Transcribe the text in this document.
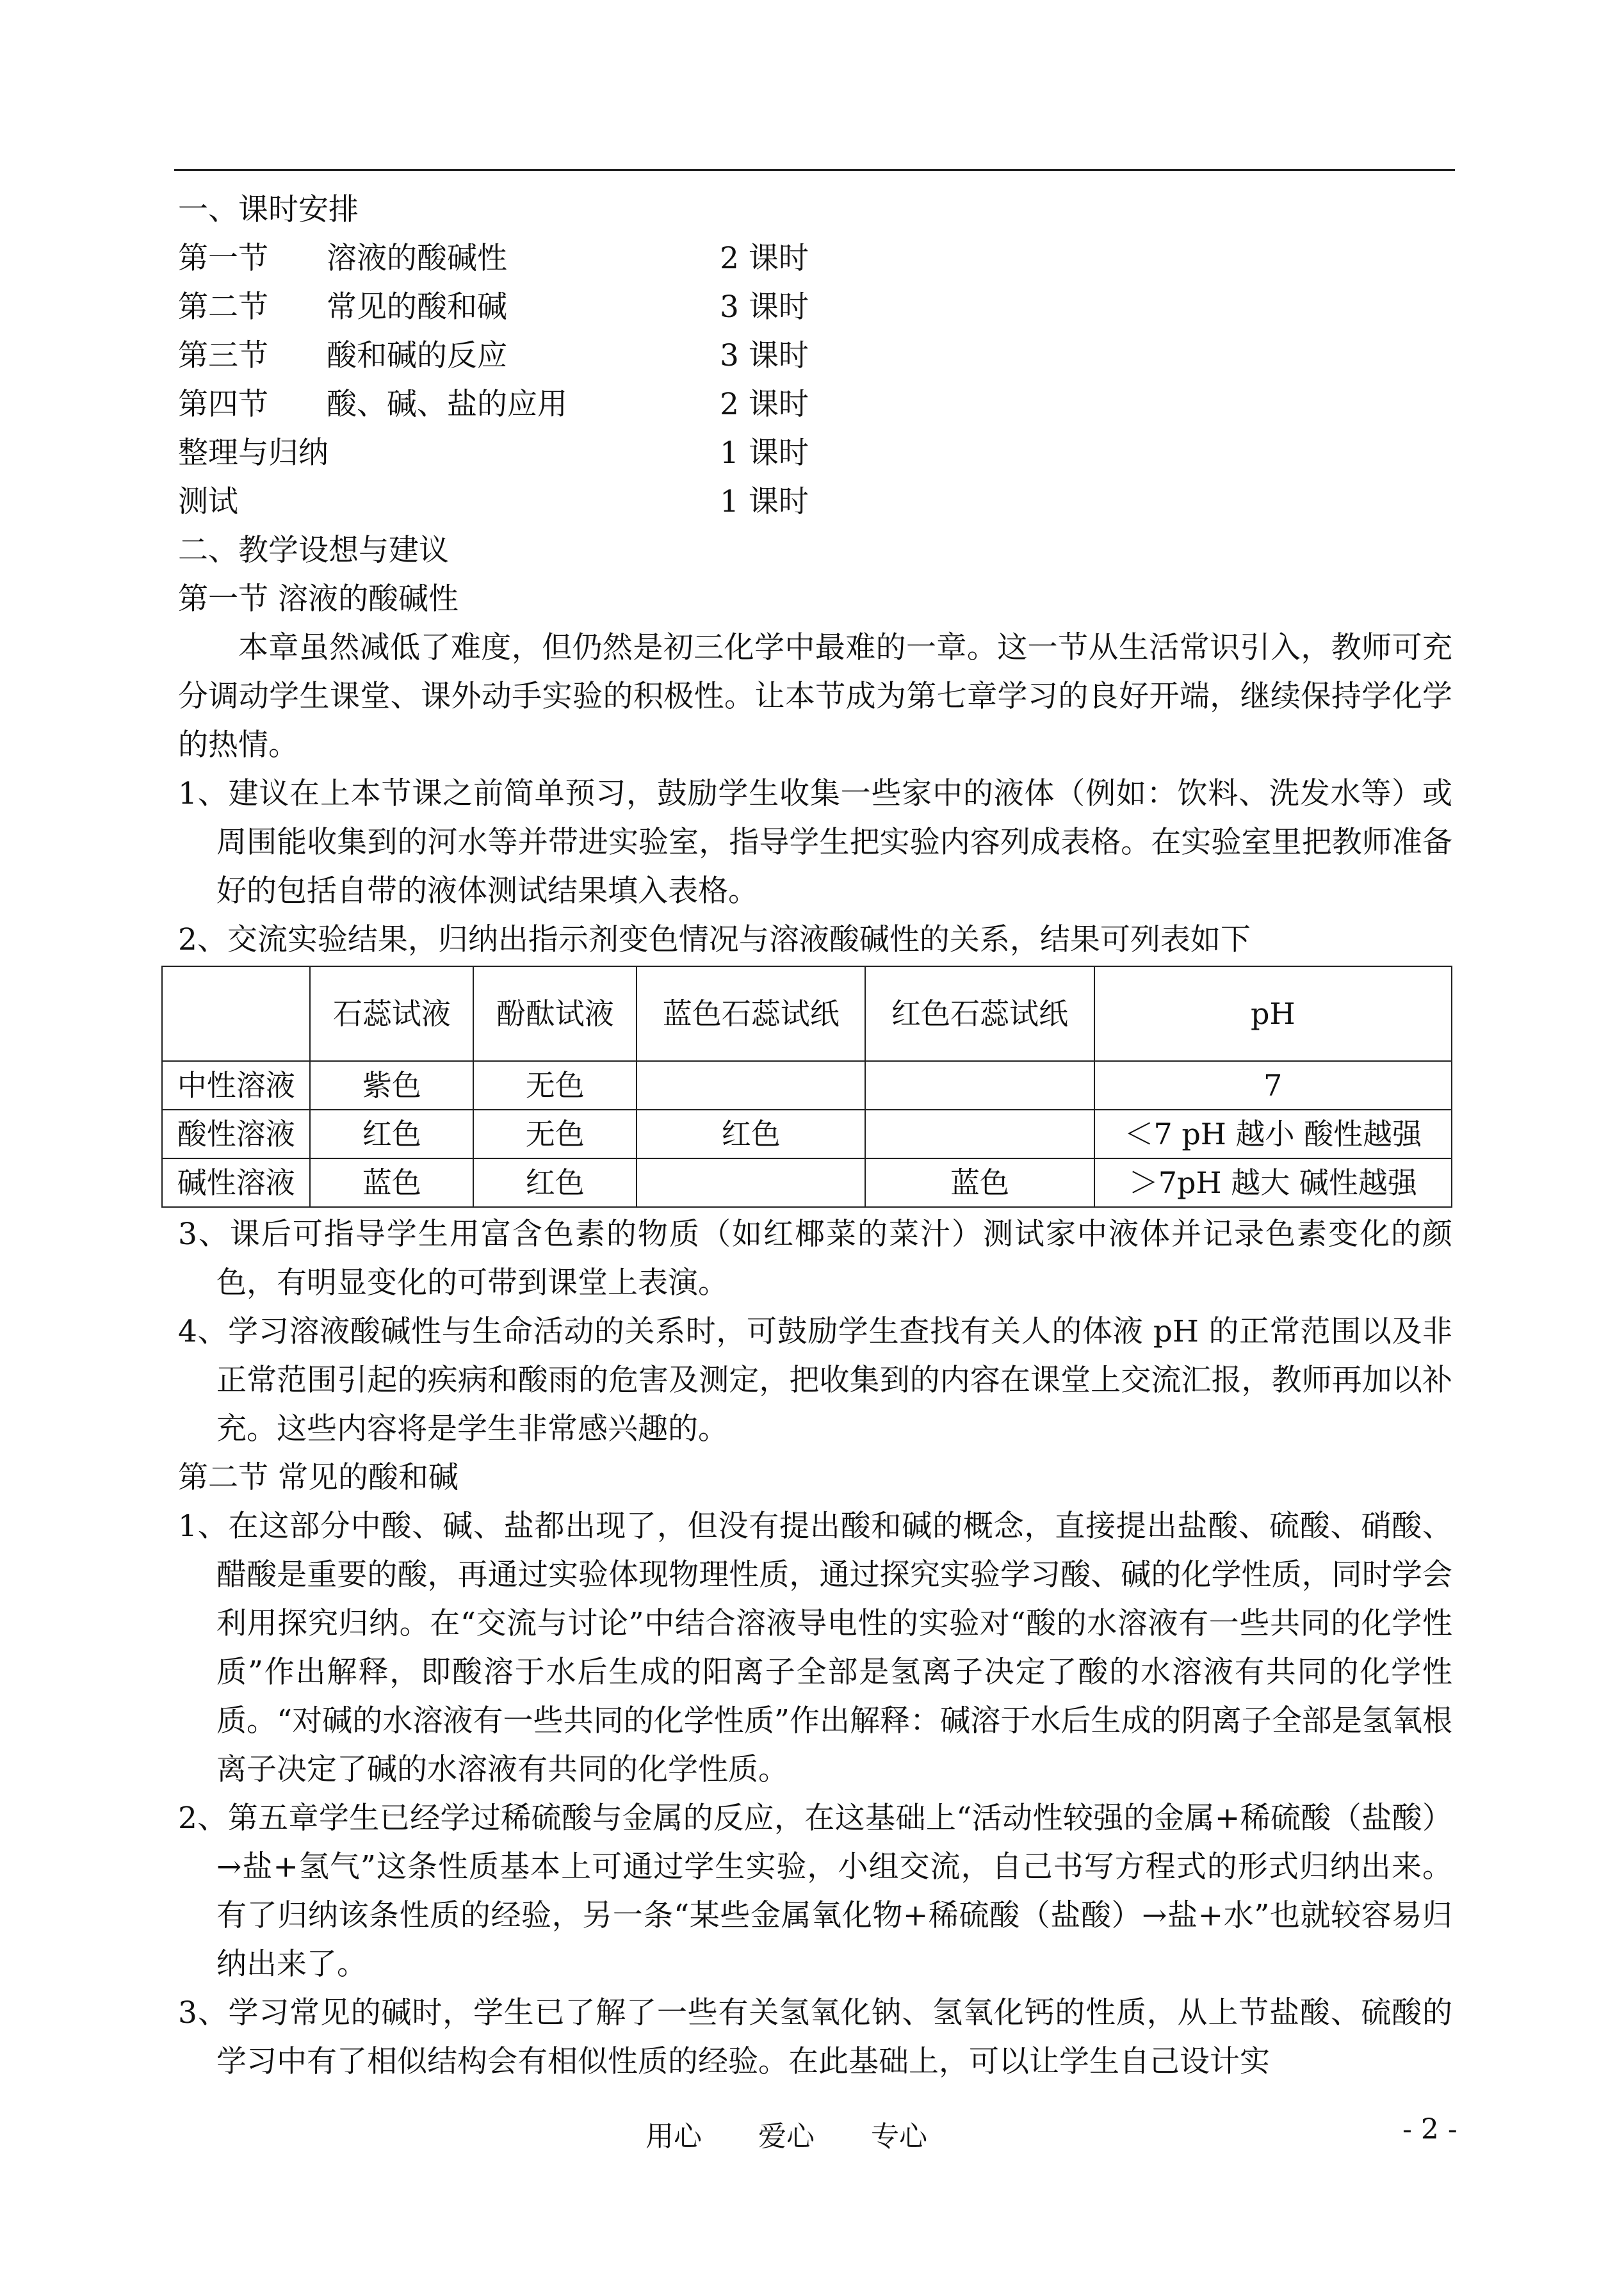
一、课时安排
第一节	溶液的酸碱性	2 课时
第二节	常见的酸和碱	3 课时
第三节	酸和碱的反应	3 课时
第四节	酸、碱、盐的应用	2 课时
整理与归纳	1 课时
测试	1 课时
二、教学设想与建议
第一节 溶液的酸碱性
本章虽然减低了难度，但仍然是初三化学中最难的一章。这一节从生活常识引入，教师可充分调动学生课堂、课外动手实验的积极性。让本节成为第七章学习的良好开端，继续保持学化学的热情。
1、建议在上本节课之前简单预习，鼓励学生收集一些家中的液体（例如：饮料、洗发水等）或周围能收集到的河水等并带进实验室，指导学生把实验内容列成表格。在实验室里把教师准备好的包括自带的液体测试结果填入表格。
2、交流实验结果，归纳出指示剂变色情况与溶液酸碱性的关系，结果可列表如下
	石蕊试液	酚酞试液	蓝色石蕊试纸	红色石蕊试纸	pH
中性溶液	紫色	无色			7
酸性溶液	红色	无色	红色		＜7 pH 越小 酸性越强
碱性溶液	蓝色	红色		蓝色	＞7pH 越大 碱性越强
3、课后可指导学生用富含色素的物质（如红椰菜的菜汁）测试家中液体并记录色素变化的颜色，有明显变化的可带到课堂上表演。
4、学习溶液酸碱性与生命活动的关系时，可鼓励学生查找有关人的体液 pH 的正常范围以及非正常范围引起的疾病和酸雨的危害及测定，把收集到的内容在课堂上交流汇报，教师再加以补充。这些内容将是学生非常感兴趣的。
第二节 常见的酸和碱
1、在这部分中酸、碱、盐都出现了，但没有提出酸和碱的概念，直接提出盐酸、硫酸、硝酸、醋酸是重要的酸，再通过实验体现物理性质，通过探究实验学习酸、碱的化学性质，同时学会利用探究归纳。在“交流与讨论”中结合溶液导电性的实验对“酸的水溶液有一些共同的化学性质”作出解释，即酸溶于水后生成的阳离子全部是氢离子决定了酸的水溶液有共同的化学性质。“对碱的水溶液有一些共同的化学性质”作出解释：碱溶于水后生成的阴离子全部是氢氧根离子决定了碱的水溶液有共同的化学性质。
2、第五章学生已经学过稀硫酸与金属的反应，在这基础上“活动性较强的金属+稀硫酸（盐酸）→盐+氢气”这条性质基本上可通过学生实验，小组交流，自己书写方程式的形式归纳出来。有了归纳该条性质的经验，另一条“某些金属氧化物+稀硫酸（盐酸）→盐+水”也就较容易归纳出来了。
3、学习常见的碱时，学生已了解了一些有关氢氧化钠、氢氧化钙的性质，从上节盐酸、硫酸的学习中有了相似结构会有相似性质的经验。在此基础上，可以让学生自己设计实
用心　　爱心　　专心	- 2 -
